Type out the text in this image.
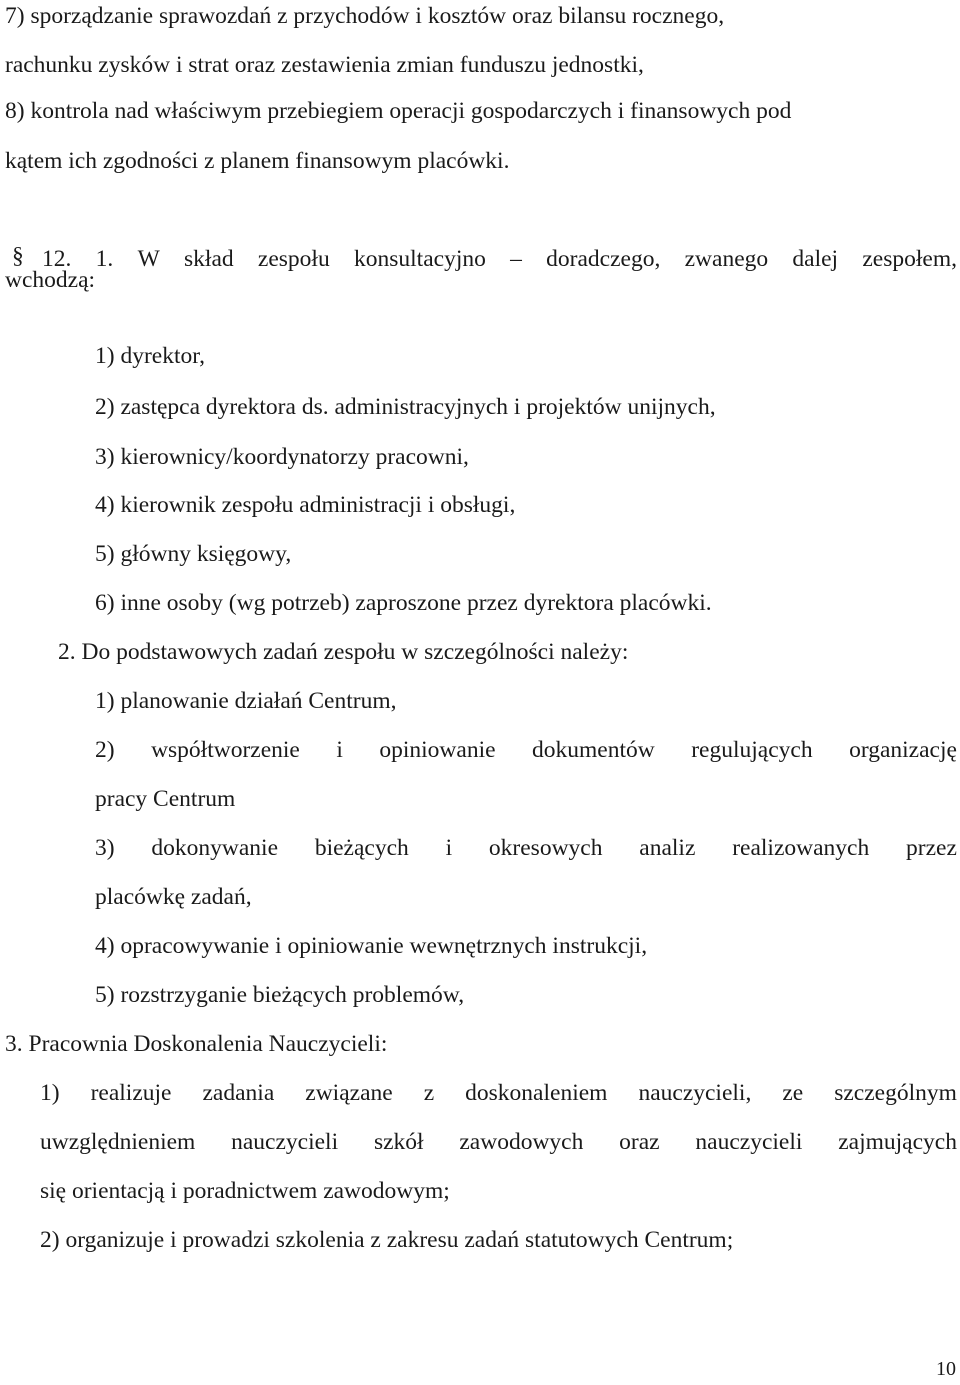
7) sporządzanie sprawozdań z przychodów i kosztów oraz bilansu rocznego,
rachunku zysków i strat oraz zestawienia zmian funduszu jednostki,
8) kontrola nad właściwym przebiegiem operacji gospodarczych i finansowych pod
kątem ich zgodności z planem finansowym placówki.
§ 12. 1. W skład zespołu konsultacyjno – doradczego, zwanego dalej zespołem,
wchodzą:
1) dyrektor,
2) zastępca dyrektora ds. administracyjnych i projektów unijnych,
3) kierownicy/koordynatorzy pracowni,
4) kierownik zespołu administracji i obsługi,
5) główny księgowy,
6) inne osoby (wg potrzeb) zaproszone przez dyrektora placówki.
2. Do podstawowych zadań zespołu w szczególności należy:
1) planowanie działań Centrum,
2) współtworzenie i opiniowanie dokumentów regulujących organizację
pracy Centrum
3) dokonywanie bieżących i okresowych analiz realizowanych przez
placówkę zadań,
4) opracowywanie i opiniowanie wewnętrznych instrukcji,
5) rozstrzyganie bieżących problemów,
3. Pracownia Doskonalenia Nauczycieli:
1) realizuje zadania związane z doskonaleniem nauczycieli, ze szczególnym
uwzględnieniem nauczycieli szkół zawodowych oraz nauczycieli zajmujących
się orientacją i poradnictwem zawodowym;
2) organizuje i prowadzi szkolenia z zakresu zadań statutowych Centrum;
10
